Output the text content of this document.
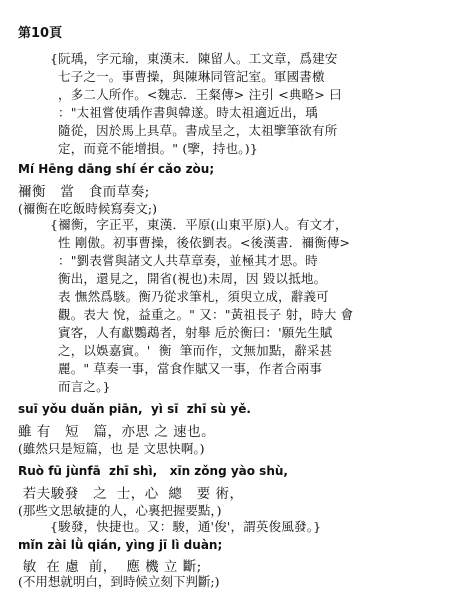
第10頁
{阮瑀，字元瑜，東漢末．陳留人。工文章，爲建安
七子之一。事曹操，與陳琳同管記室。軍國書檄
，多二人所作。<魏志．王粲傳> 注引 <典略> 曰
："太祖嘗使瑀作書與韓遂。時太祖適近出，瑀
隨從，因於馬上具草。書成呈之，太祖擥筆欲有所
定，而竟不能增損。" (擥，持也。)}
Mí Hēng dāng shí ér cǎo zòu;
禰衡   當   食而草奏;
(禰衡在吃飯時候寫奏文;)
{禰衡，字正平，東漢．平原(山東平原)人。有文才，
性 剛傲。初事曹操，後依劉表。<後漢書．禰衡傳>
："劉表嘗與諸文人共草章奏，並極其才思。時
衡出，還見之，開省(視也)未周，因 毀以抵地。
表 憮然爲駭。衡乃從求筆札，須臾立成，辭義可
觀。表大 悅，益重之。" 又："黃祖長子 射，時大 會
賓客，人有獻鸚鵡者，射舉 卮於衡曰：'願先生賦
之，以娛嘉賓。'  衡  筆而作，文無加點，辭采甚
麗。" 草奏一事，當食作賦又一事，作者合兩事
而言之。}
suī yǒu duǎn piān,  yì sī  zhī sù yě.
雖 有   短   篇，亦思 之 速也。
(雖然只是短篇，也 是 文思快啊。)
Ruò fū jùnfā  zhī shì,   xīn zǒng yào shù,
若夫駿發   之  士，心  總   要 術，
(那些文思敏捷的人，心裏把握要點，)
{駿發，快捷也。又：駿，通'俊'，謂英俊風發。}
mǐn zài lǜ qián, yìng jī lì duàn;
敏  在 慮  前，  應 機 立 斷;
(不用想就明白，到時候立刻下判斷;)
